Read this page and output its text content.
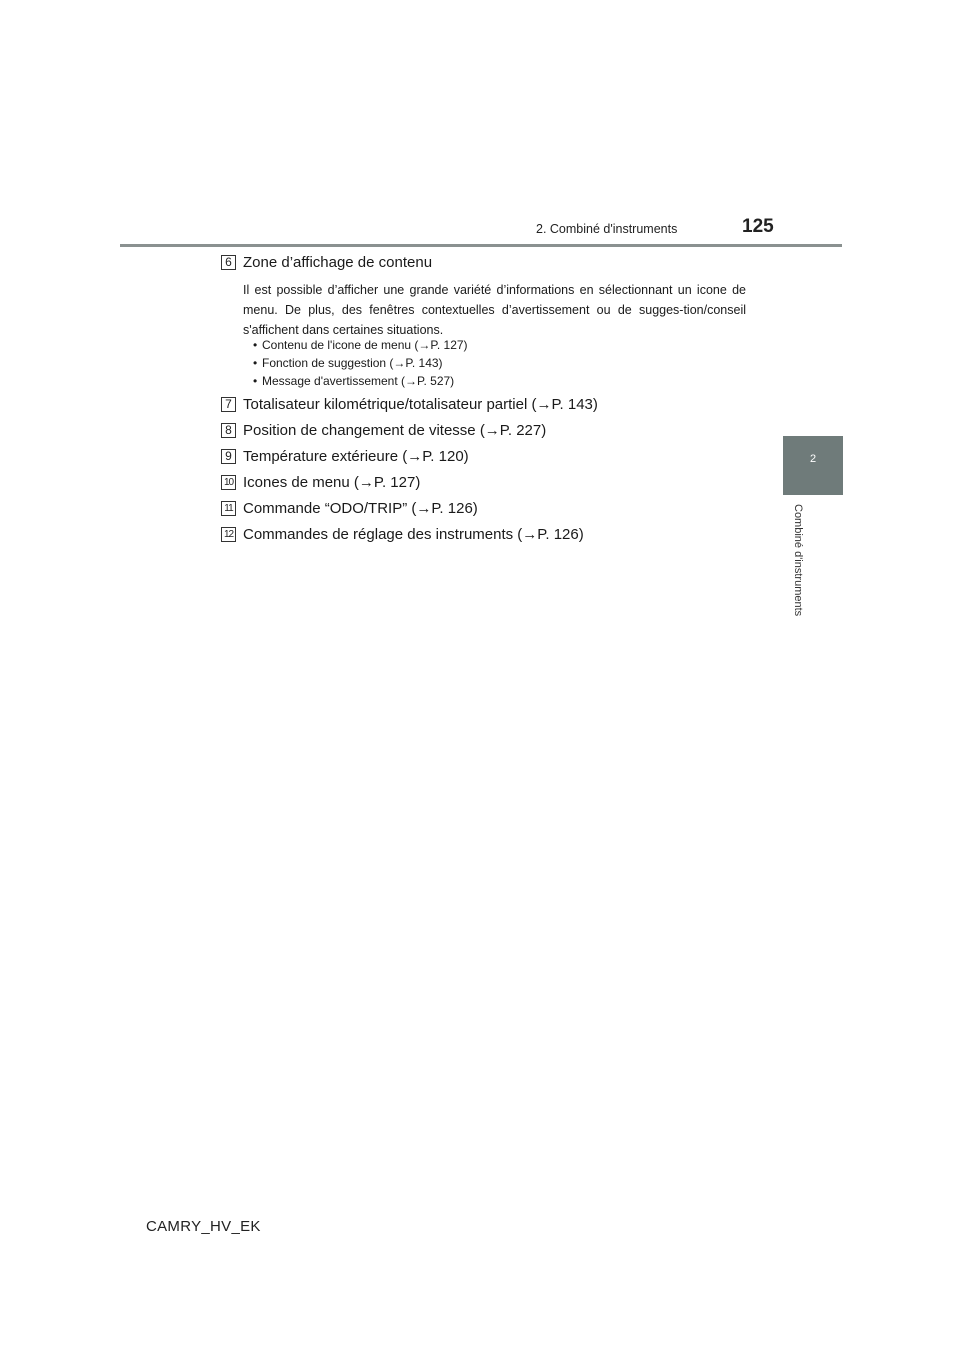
2. Combiné d'instruments	125
2
Combiné d'instruments
6 Zone d’affichage de contenu
Il est possible d’afficher une grande variété d’informations en sélectionnant un icone de menu. De plus, des fenêtres contextuelles d’avertissement ou de sugges-tion/conseil s'affichent dans certaines situations.
• Contenu de l'icone de menu (→P. 127)
• Fonction de suggestion (→P. 143)
• Message d'avertissement (→P. 527)
7 Totalisateur kilométrique/totalisateur partiel (→P. 143)
8 Position de changement de vitesse (→P. 227)
9 Température extérieure (→P. 120)
10 Icones de menu (→P. 127)
11 Commande “ODO/TRIP” (→P. 126)
12 Commandes de réglage des instruments (→P. 126)
CAMRY_HV_EK
